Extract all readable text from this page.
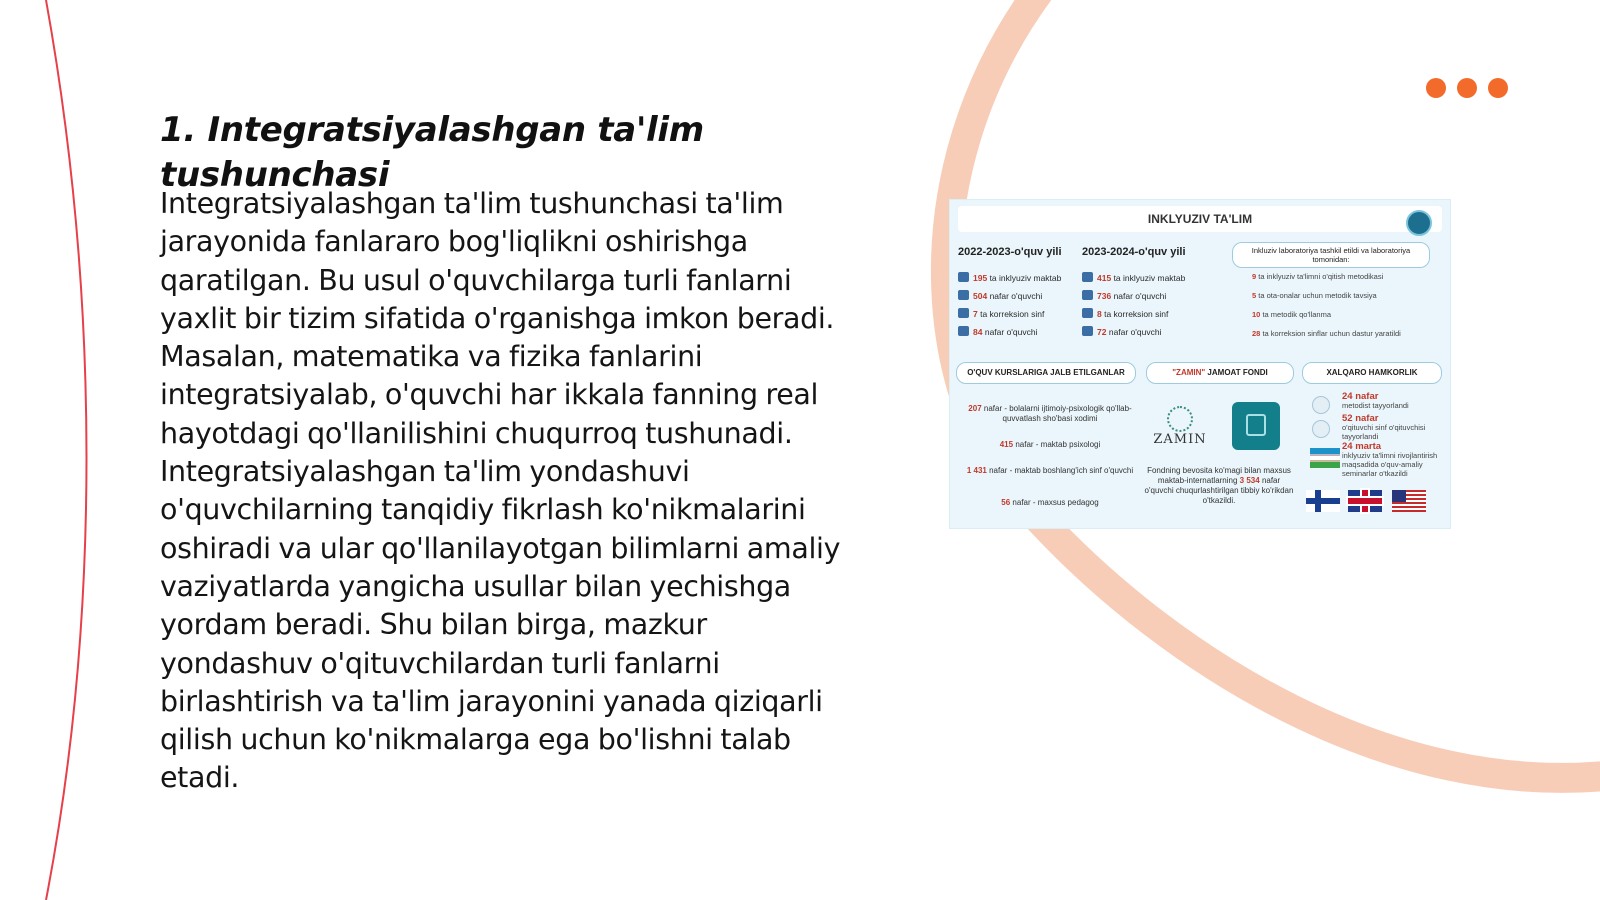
1. Integratsiyalashgan ta'lim tushunchasi

Integratsiyalashgan ta'lim tushunchasi ta'lim jarayonida fanlararo bog'liqlikni oshirishga qaratilgan. Bu usul o'quvchilarga turli fanlarni yaxlit bir tizim sifatida o'rganishga imkon beradi. Masalan, matematika va fizika fanlarini integratsiyalab, o'quvchi har ikkala fanning real hayotdagi qo'llanilishini chuqurroq tushunadi. Integratsiyalashgan ta'lim yondashuvi o'quvchilarning tanqidiy fikrlash ko'nikmalarini oshiradi va ular qo'llanilayotgan bilimlarni amaliy vaziyatlarda yangicha usullar bilan yechishga yordam beradi. Shu bilan birga, mazkur yondashuv o'qituvchilardan turli fanlarni birlashtirish va ta'lim jarayonini yanada qiziqarli qilish uchun ko'nikmalarga ega bo'lishni talab etadi.

INKLYUZIV TA'LIM
2022-2023-o'quv yili
195 ta inklyuziv maktab
504 nafar o'quvchi
7 ta korreksion sinf
84 nafar o'quvchi
2023-2024-o'quv yili
415 ta inklyuziv maktab
736 nafar o'quvchi
8 ta korreksion sinf
72 nafar o'quvchi
Inkluziv laboratoriya tashkil etildi va laboratoriya tomonidan:
9 ta inklyuziv ta'limni o'qitish metodikasi
5 ta ota-onalar uchun metodik tavsiya
10 ta metodik qo'llanma
28 ta korreksion sinflar uchun dastur yaratildi
O'QUV KURSLARIGA JALB ETILGANLAR	"ZAMIN" JAMOAT FONDI	XALQARO HAMKORLIK
207 nafar - bolalarni ijtimoiy-psixologik qo'llab-quvvatlash sho'basi xodimi
415 nafar - maktab psixologi
1 431 nafar - maktab boshlang'ich sinf o'quvchi
56 nafar - maxsus pedagog
ZAMIN
Fondning bevosita ko'magi bilan maxsus maktab-internatlarning 3 534 nafar o'quvchi chuqurlashtirilgan tibbiy ko'rikdan o'tkazildi.
24 nafar
metodist tayyorlandi
52 nafar
o'qituvchi sinf o'qituvchisi tayyorlandi
24 marta
inklyuziv ta'limni rivojlantirish maqsadida o'quv-amaliy seminarlar o'tkazildi
